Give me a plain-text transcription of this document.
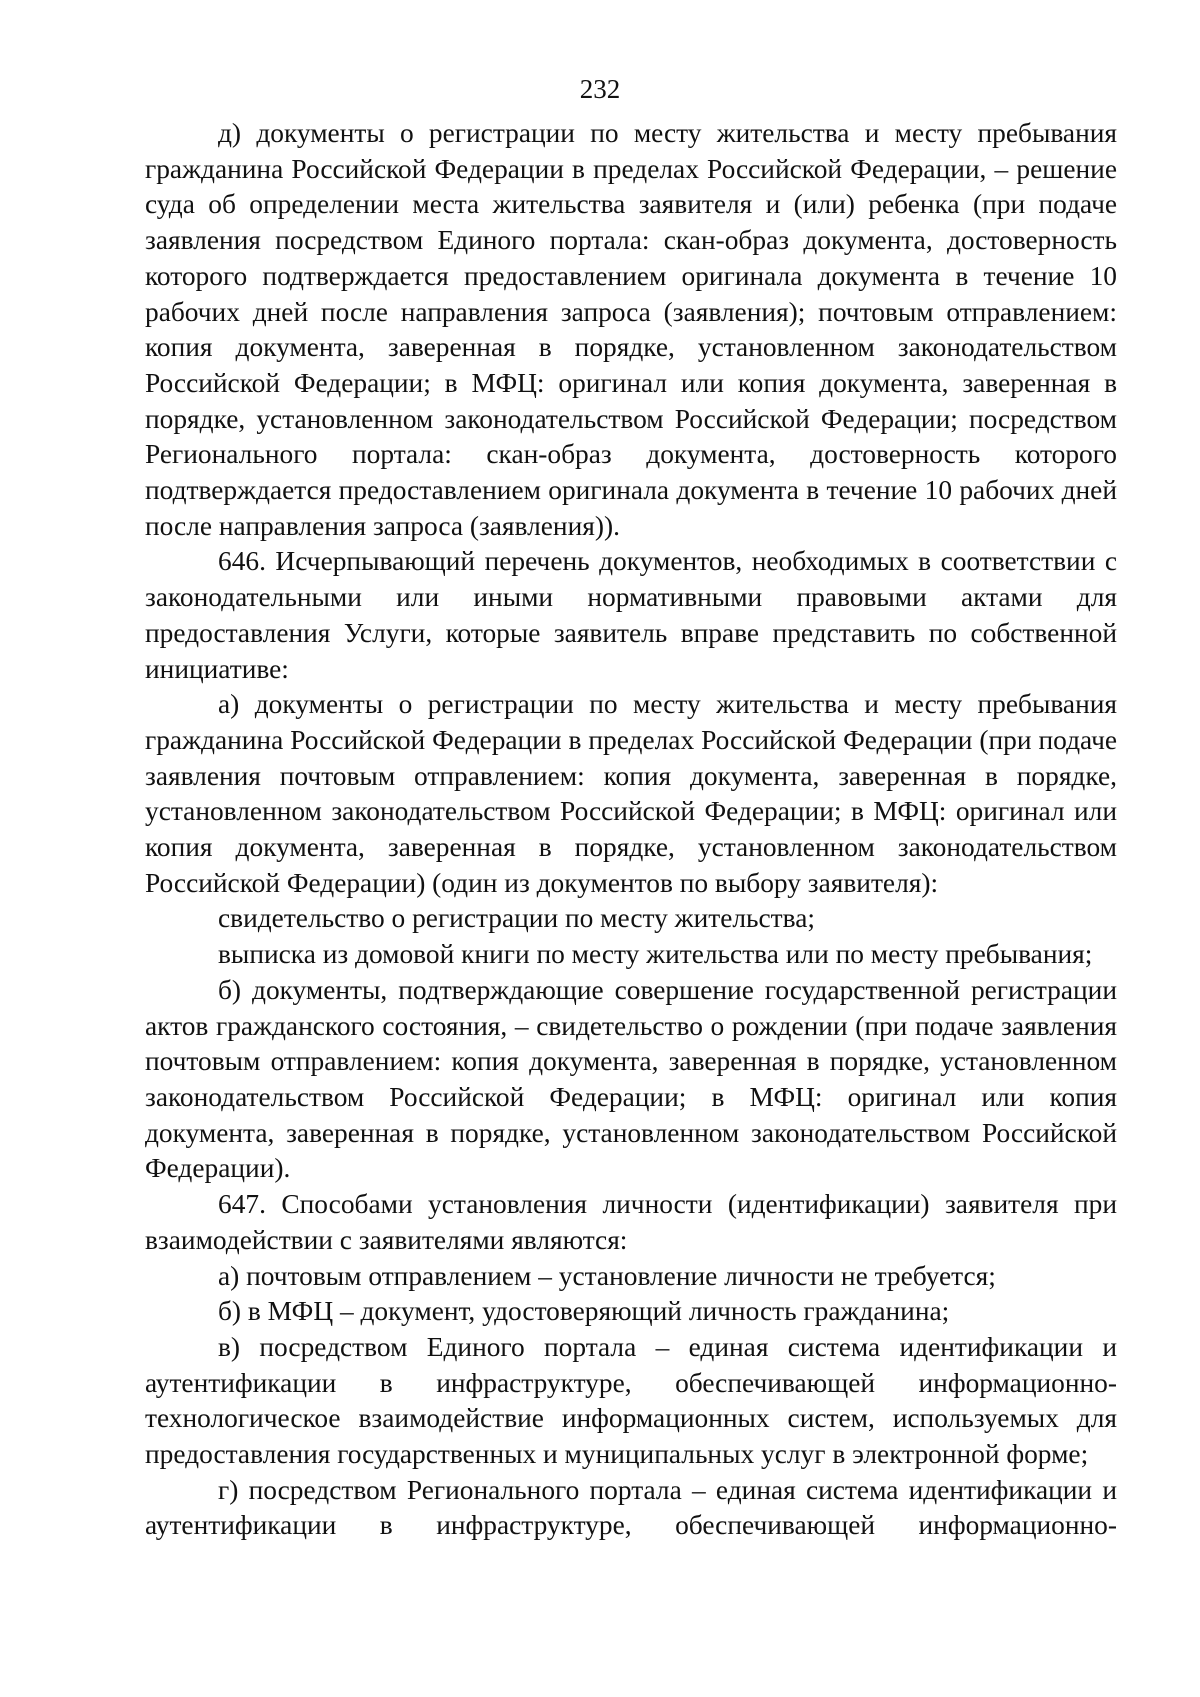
232

д) документы о регистрации по месту жительства и месту пребывания гражданина Российской Федерации в пределах Российской Федерации, – решение суда об определении места жительства заявителя и (или) ребенка (при подаче заявления посредством Единого портала: скан-образ документа, достоверность которого подтверждается предоставлением оригинала документа в течение 10 рабочих дней после направления запроса (заявления); почтовым отправлением: копия документа, заверенная в порядке, установленном законодательством Российской Федерации; в МФЦ: оригинал или копия документа, заверенная в порядке, установленном законодательством Российской Федерации; посредством Регионального портала: скан-образ документа, достоверность которого подтверждается предоставлением оригинала документа в течение 10 рабочих дней после направления запроса (заявления)).

646. Исчерпывающий перечень документов, необходимых в соответствии с законодательными или иными нормативными правовыми актами для предоставления Услуги, которые заявитель вправе представить по собственной инициативе:

а) документы о регистрации по месту жительства и месту пребывания гражданина Российской Федерации в пределах Российской Федерации (при подаче заявления почтовым отправлением: копия документа, заверенная в порядке, установленном законодательством Российской Федерации; в МФЦ: оригинал или копия документа, заверенная в порядке, установленном законодательством Российской Федерации) (один из документов по выбору заявителя):

свидетельство о регистрации по месту жительства;

выписка из домовой книги по месту жительства или по месту пребывания;

б) документы, подтверждающие совершение государственной регистрации актов гражданского состояния, – свидетельство о рождении (при подаче заявления почтовым отправлением: копия документа, заверенная в порядке, установленном законодательством Российской Федерации; в МФЦ: оригинал или копия документа, заверенная в порядке, установленном законодательством Российской Федерации).

647. Способами установления личности (идентификации) заявителя при взаимодействии с заявителями являются:

а) почтовым отправлением – установление личности не требуется;

б) в МФЦ – документ, удостоверяющий личность гражданина;

в) посредством Единого портала – единая система идентификации и аутентификации в инфраструктуре, обеспечивающей информационно-технологическое взаимодействие информационных систем, используемых для предоставления государственных и муниципальных услуг в электронной форме;

г) посредством Регионального портала – единая система идентификации и аутентификации в инфраструктуре, обеспечивающей информационно-
